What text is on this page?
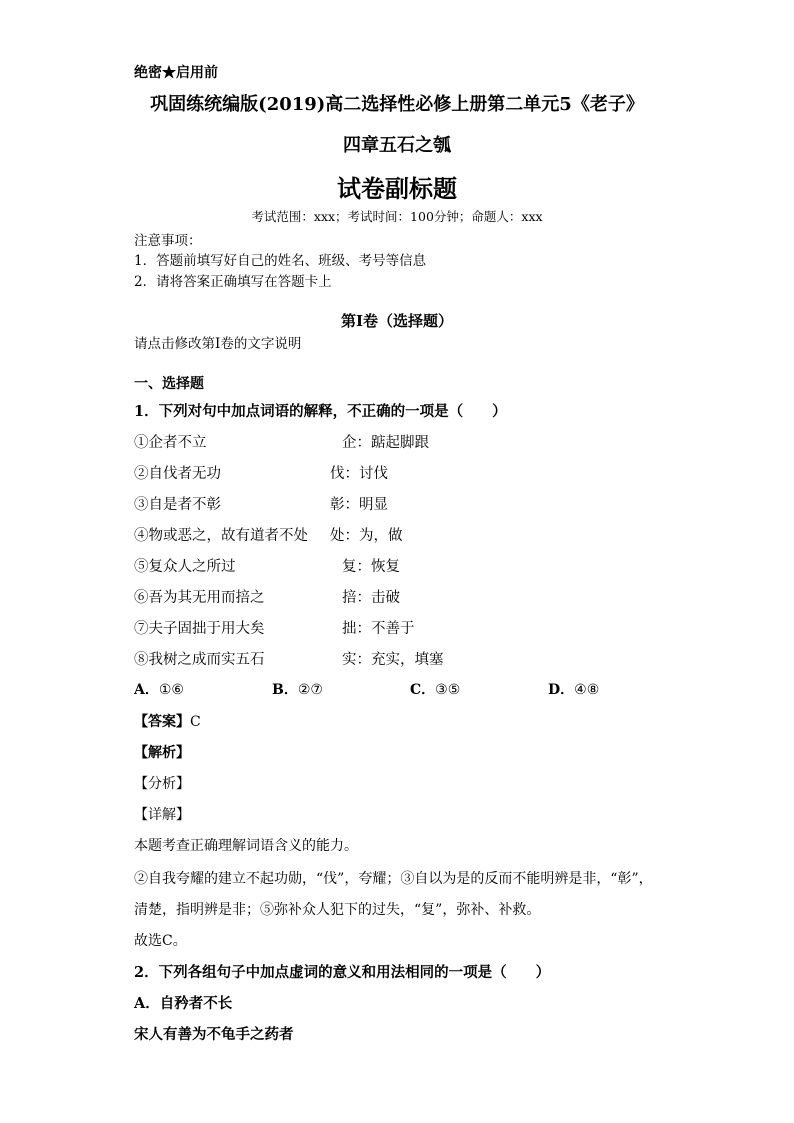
绝密★启用前
巩固练统编版(2019)高二选择性必修上册第二单元5《老子》
四章五石之瓠
试卷副标题
考试范围：xxx；考试时间：100分钟；命题人：xxx
注意事项：
1．答题前填写好自己的姓名、班级、考号等信息
2．请将答案正确填写在答题卡上
第I卷（选择题）
请点击修改第I卷的文字说明
一、选择题
1．下列对句中加点词语的解释，不正确的一项是（　　）
①企者不立	企：踮起脚跟
②自伐者无功	伐：讨伐
③自是者不彰	彰：明显
④物或恶之，故有道者不处 处：为，做
⑤复众人之所过	复：恢复
⑥吾为其无用而掊之	掊：击破
⑦夫子固拙于用大矣	拙：不善于
⑧我树之成而实五石	实：充实，填塞
A．①⑥	B．②⑦	C．③⑤	D．④⑧
【答案】C
【解析】
【分析】
【详解】
本题考查正确理解词语含义的能力。
②自我夸耀的建立不起功勋，“伐”，夸耀；③自以为是的反而不能明辨是非，“彰”，
清楚，指明辨是非；⑤弥补众人犯下的过失，“复”，弥补、补救。
故选C。
2．下列各组句子中加点虚词的意义和用法相同的一项是（　　）
A．自矜者不长
宋人有善为不龟手之药者
